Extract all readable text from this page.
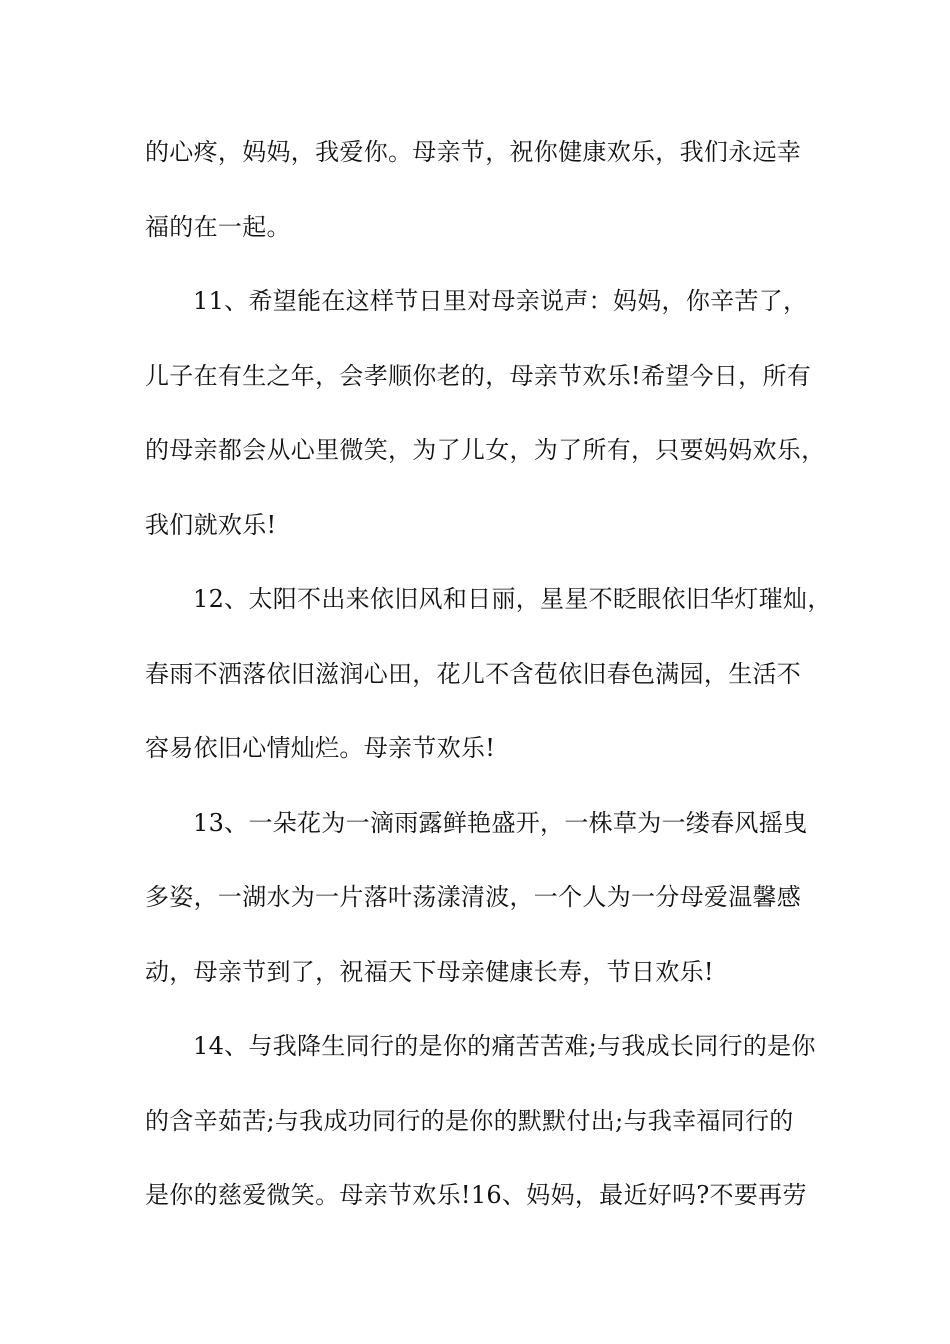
的心疼，妈妈，我爱你。母亲节，祝你健康欢乐，我们永远幸
福的在一起。
11、希望能在这样节日里对母亲说声：妈妈，你辛苦了，
儿子在有生之年，会孝顺你老的，母亲节欢乐!希望今日，所有
的母亲都会从心里微笑，为了儿女，为了所有，只要妈妈欢乐，
我们就欢乐!
12、太阳不出来依旧风和日丽，星星不眨眼依旧华灯璀灿，
春雨不洒落依旧滋润心田，花儿不含苞依旧春色满园，生活不
容易依旧心情灿烂。母亲节欢乐!
13、一朵花为一滴雨露鲜艳盛开，一株草为一缕春风摇曳
多姿，一湖水为一片落叶荡漾清波，一个人为一分母爱温馨感
动，母亲节到了，祝福天下母亲健康长寿，节日欢乐!
14、与我降生同行的是你的痛苦苦难;与我成长同行的是你
的含辛茹苦;与我成功同行的是你的默默付出;与我幸福同行的
是你的慈爱微笑。母亲节欢乐!16、妈妈，最近好吗?不要再劳
